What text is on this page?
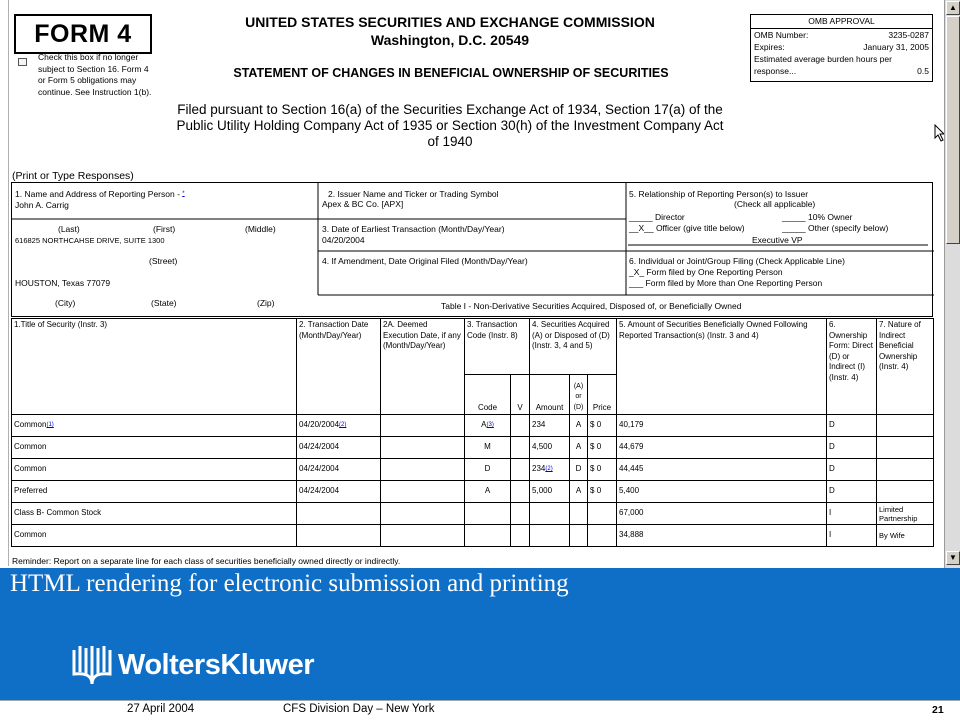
FORM 4
Check this box if no longer subject to Section 16. Form 4 or Form 5 obligations may continue. See Instruction 1(b).
UNITED STATES SECURITIES AND EXCHANGE COMMISSION
Washington, D.C. 20549
STATEMENT OF CHANGES IN BENEFICIAL OWNERSHIP OF SECURITIES
Filed pursuant to Section 16(a) of the Securities Exchange Act of 1934, Section 17(a) of the
Public Utility Holding Company Act of 1935 or Section 30(h) of the Investment Company Act
of 1940
OMB APPROVAL
OMB Number:	3235-0287
Expires:	January 31, 2005
Estimated average burden hours per
response...	0.5
(Print or Type Responses)
1. Name and Address of Reporting Person - *
John A. Carrig
(Last)	(First)	(Middle)
616825 NORTHCAHSE DRIVE, SUITE 1300
(Street)
HOUSTON, Texas 77079
(City)	(State)	(Zip)
2. Issuer Name and Ticker or Trading Symbol
Apex & BC Co. [APX]
3. Date of Earliest Transaction (Month/Day/Year)
04/20/2004
4. If Amendment, Date Original Filed (Month/Day/Year)
5. Relationship of Reporting Person(s) to Issuer
(Check all applicable)
_____ Director	_____ 10% Owner
__X__ Officer (give title below)	_____ Other (specify below)
Executive VP
6. Individual or Joint/Group Filing (Check Applicable Line)
_X_ Form filed by One Reporting Person
___ Form filed by More than One Reporting Person
Table I - Non-Derivative Securities Acquired, Disposed of, or Beneficially Owned
1.Title of Security (Instr. 3)	2. Transaction Date (Month/Day/Year)	2A. Deemed Execution Date, if any (Month/Day/Year)	3. Transaction Code (Instr. 8)		4. Securities Acquired (A) or Disposed of (D) (Instr. 3, 4 and 5)			5. Amount of Securities Beneficially Owned Following Reported Transaction(s) (Instr. 3 and 4)	6. Ownership Form: Direct (D) or Indirect (I) (Instr. 4)	7. Nature of Indirect Beneficial Ownership (Instr. 4)
			Code	V	Amount	(A) or (D)	Price			
Common$^{(1)}$	04/20/2004$^{(2)}$		$A^{(3)}$		234	A	$ 0	40,179	D	
Common	04/24/2004		M		4,500	A	$ 0	44,679	D	
Common	04/24/2004		D		234$^{(2)}$	D	$ 0	44,445	D	
Preferred	04/24/2004		A		5,000	A	$ 0	5,400	D	
Class B- Common Stock								67,000	I	Limited Partnership
Common								34,888	I	By Wife
Reminder: Report on a separate line for each class of securities beneficially owned directly or indirectly.
▲
▼
HTML rendering for electronic submission and printing
WoltersKluwer
27 April 2004	CFS Division Day – New York	21
